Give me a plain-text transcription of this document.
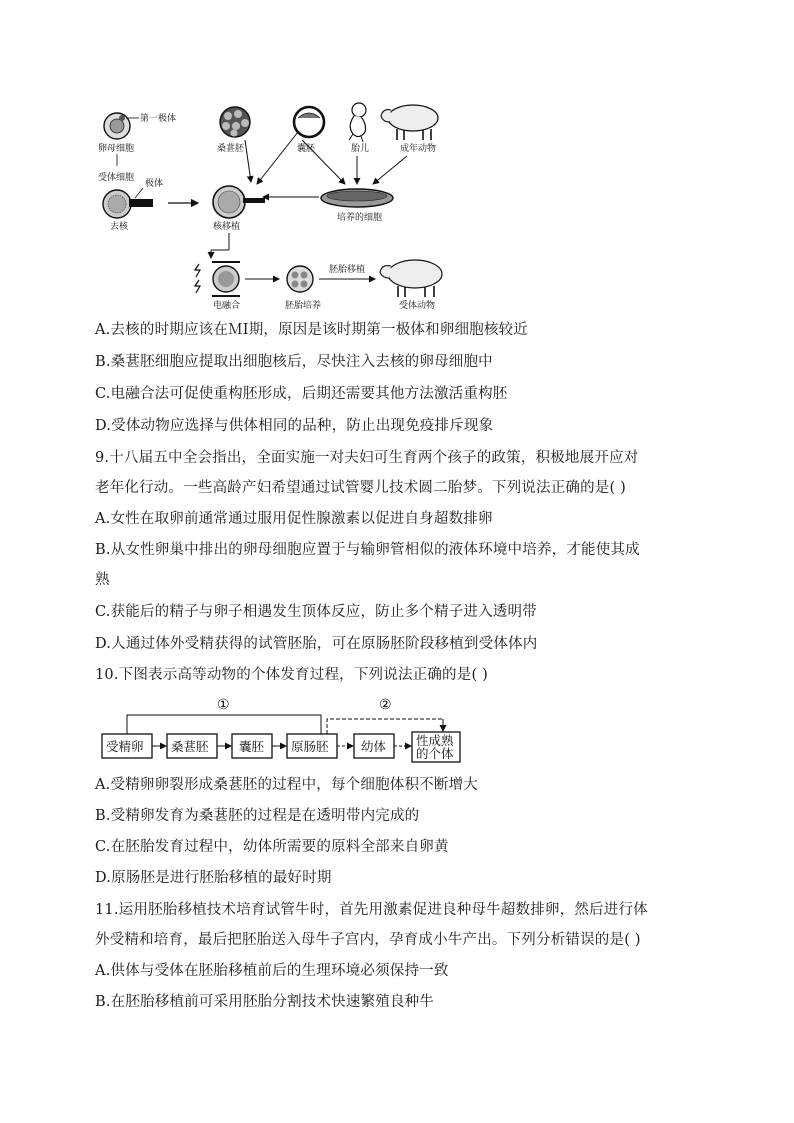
第一极体
卵母细胞
受体细胞
极体
去核
桑葚胚	囊胚	胎儿	成年动物
培养的细胞
核移植
电融合	胚胎培养
胚胎移植
受体动物
A.去核的时期应该在ＭⅠ期，原因是该时期第一极体和卵细胞核较近
B.桑葚胚细胞应提取出细胞核后，尽快注入去核的卵母细胞中
C.电融合法可促使重构胚形成，后期还需要其他方法激活重构胚
D.受体动物应选择与供体相同的品种，防止出现免疫排斥现象
9.十八届五中全会指出，全面实施一对夫妇可生育两个孩子的政策，积极地展开应对
老年化行动。一些高龄产妇希望通过试管婴儿技术圆二胎梦。下列说法正确的是( )
A.女性在取卵前通常通过服用促性腺激素以促进自身超数排卵
B.从女性卵巢中排出的卵母细胞应置于与输卵管相似的液体环境中培养，才能使其成
熟
C.获能后的精子与卵子相遇发生顶体反应，防止多个精子进入透明带
D.人通过体外受精获得的试管胚胎，可在原肠胚阶段移植到受体体内
10.下图表示高等动物的个体发育过程，下列说法正确的是( )
①	②
受精卵 桑葚胚 囊胚 原肠胚	幼体 性成熟
的个体
A.受精卵卵裂形成桑葚胚的过程中，每个细胞体积不断增大
B.受精卵发育为桑葚胚的过程是在透明带内完成的
C.在胚胎发育过程中，幼体所需要的原料全部来自卵黄
D.原肠胚是进行胚胎移植的最好时期
11.运用胚胎移植技术培育试管牛时，首先用激素促进良种母牛超数排卵，然后进行体
外受精和培育，最后把胚胎送入母牛子宫内，孕育成小牛产出。下列分析错误的是( )
A.供体与受体在胚胎移植前后的生理环境必须保持一致
B.在胚胎移植前可采用胚胎分割技术快速繁殖良种牛
